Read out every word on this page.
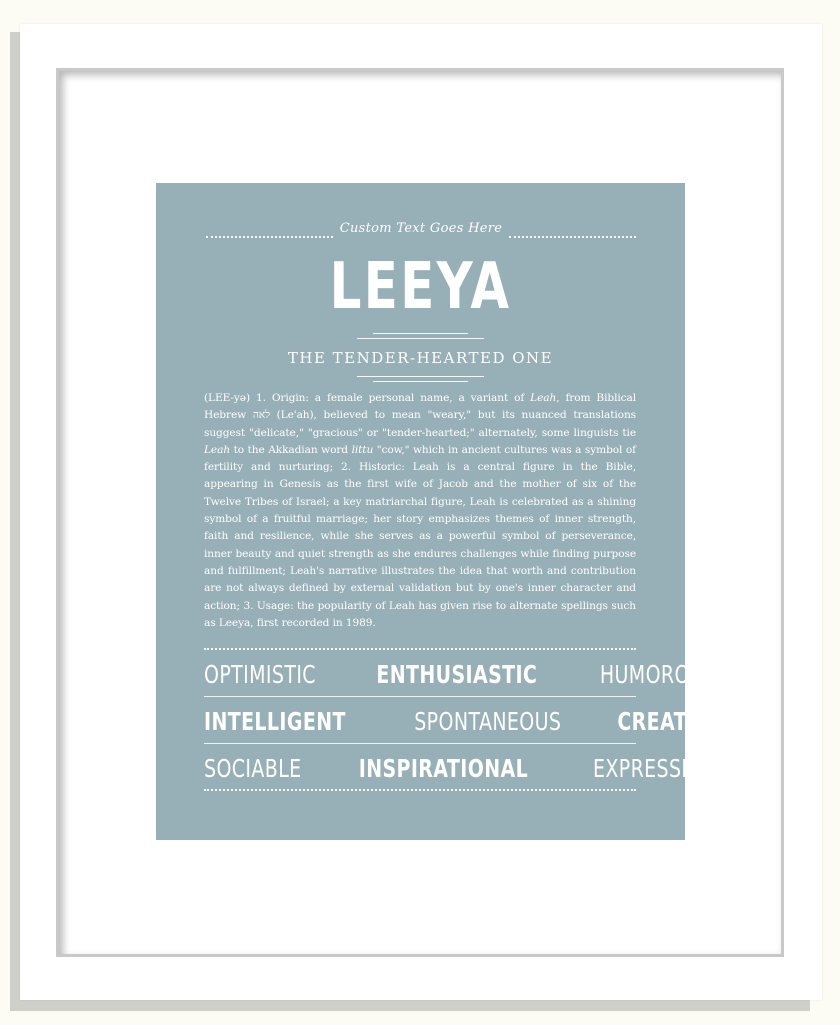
Custom Text Goes Here
LEEYA
THE TENDER-HEARTED ONE
(LEE-yə) 1. Origin: a female personal name, a variant of Leah, from Biblical Hebrew לאה (Le'ah), believed to mean "weary," but its nuanced translations suggest "delicate," "gracious" or "tender-hearted;" alternately, some linguists tie Leah to the Akkadian word littu "cow," which in ancient cultures was a symbol of fertility and nurturing; 2. Historic: Leah is a central figure in the Bible, appearing in Genesis as the first wife of Jacob and the mother of six of the Twelve Tribes of Israel; a key matriarchal figure, Leah is celebrated as a shining symbol of a fruitful marriage; her story emphasizes themes of inner strength, faith and resilience, while she serves as a powerful symbol of perseverance, inner beauty and quiet strength as she endures challenges while finding purpose and fulfillment; Leah's narrative illustrates the idea that worth and contribution are not always defined by external validation but by one's inner character and action; 3. Usage: the popularity of Leah has given rise to alternate spellings such as Leeya, first recorded in 1989.
OPTIMISTIC ENTHUSIASTIC HUMOROUS
INTELLIGENT	SPONTANEOUS CREATIVE
SOCIABLE INSPIRATIONAL	EXPRESSIVE
